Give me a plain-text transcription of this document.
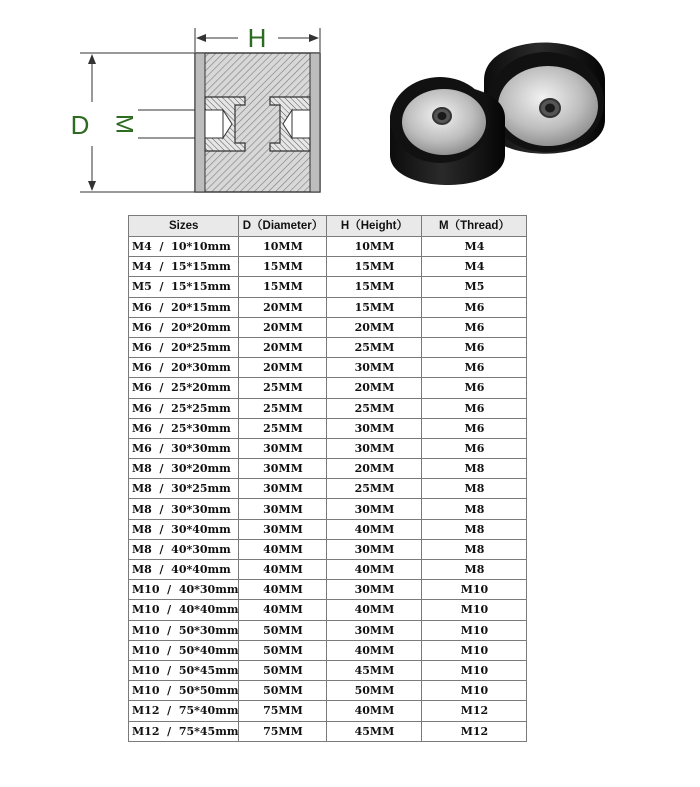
H
D M
Sizes	D（Diameter）	H（Height）	M（Thread）
M4  /  10*10mm	10MM	10MM	M4
M4  /  15*15mm	15MM	15MM	M4
M5  /  15*15mm	15MM	15MM	M5
M6  /  20*15mm	20MM	15MM	M6
M6  /  20*20mm	20MM	20MM	M6
M6  /  20*25mm	20MM	25MM	M6
M6  /  20*30mm	20MM	30MM	M6
M6  /  25*20mm	25MM	20MM	M6
M6  /  25*25mm	25MM	25MM	M6
M6  /  25*30mm	25MM	30MM	M6
M6  /  30*30mm	30MM	30MM	M6
M8  /  30*20mm	30MM	20MM	M8
M8  /  30*25mm	30MM	25MM	M8
M8  /  30*30mm	30MM	30MM	M8
M8  /  30*40mm	30MM	40MM	M8
M8  /  40*30mm	40MM	30MM	M8
M8  /  40*40mm	40MM	40MM	M8
M10  /  40*30mm	40MM	30MM	M10
M10  /  40*40mm	40MM	40MM	M10
M10  /  50*30mm	50MM	30MM	M10
M10  /  50*40mm	50MM	40MM	M10
M10  /  50*45mm	50MM	45MM	M10
M10  /  50*50mm	50MM	50MM	M10
M12  /  75*40mm	75MM	40MM	M12
M12  /  75*45mm	75MM	45MM	M12
